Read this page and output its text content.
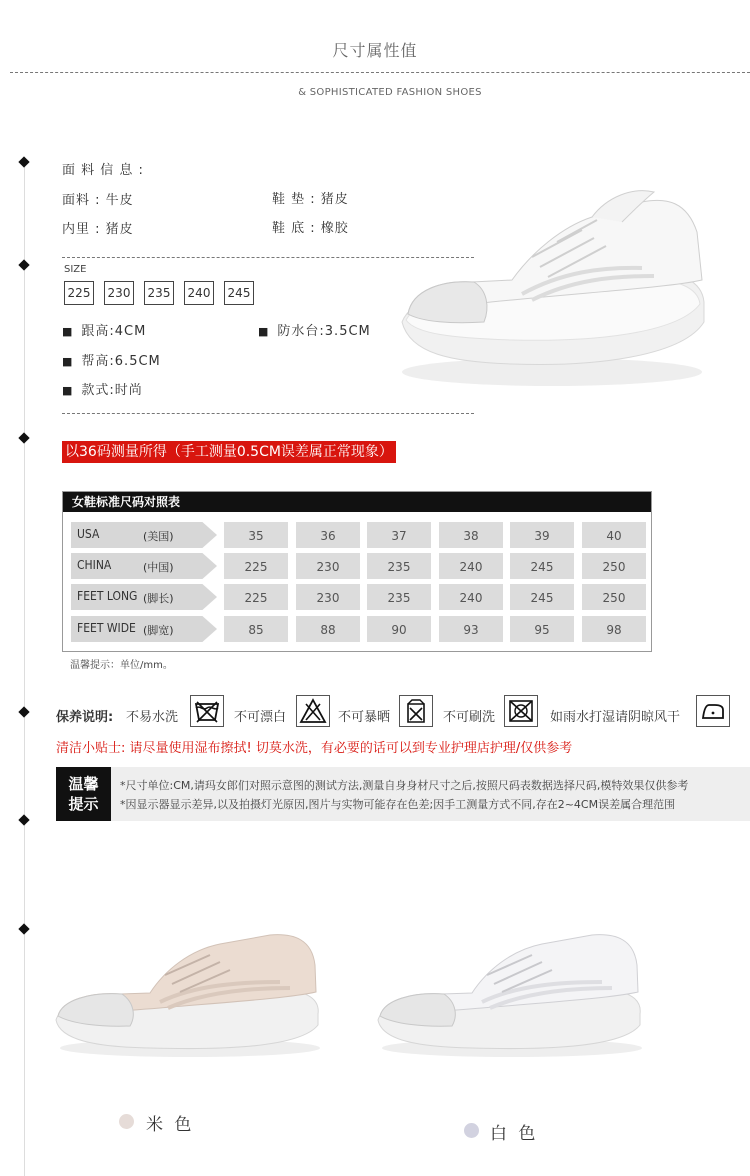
尺寸属性值
& SOPHISTICATED FASHION SHOES
面 料 信 息 :
面料 : 牛皮	鞋 垫 : 猪皮
内里 : 猪皮	鞋 底 : 橡胶
SIZE
225 230 235 240 245
■ 跟高:4CM
■	防水台:3.5CM
■ 帮高:6.5CM
■ 款式:时尚
以36码测量所得（手工测量0.5CM误差属正常现象）
女鞋标准尺码对照表
USA	(美国)	35	36	37	38	39	40
CHINA	(中国)	225	230	235	240	245	250
FEET LONG (脚长)	225	230	235	240	245	250
FEET WIDE (脚宽)	85	88	90	93	95	98
温馨提示：单位/mm。
保养说明: 不易水洗	不可漂白	不可暴晒	不可刷洗	如雨水打湿请阴晾风干
清洁小贴士: 请尽量使用湿布擦拭! 切莫水洗，有必要的话可以到专业护理店护理/仅供参考
温馨
提示
*尺寸单位:CM,请玛女郎们对照示意图的测试方法,测量自身身材尺寸之后,按照尺码表数据选择尺码,模特效果仅供参考
*因显示器显示差异,以及拍摄灯光原因,图片与实物可能存在色差;因手工测量方式不同,存在2~4CM误差属合理范围
米 色	白 色
